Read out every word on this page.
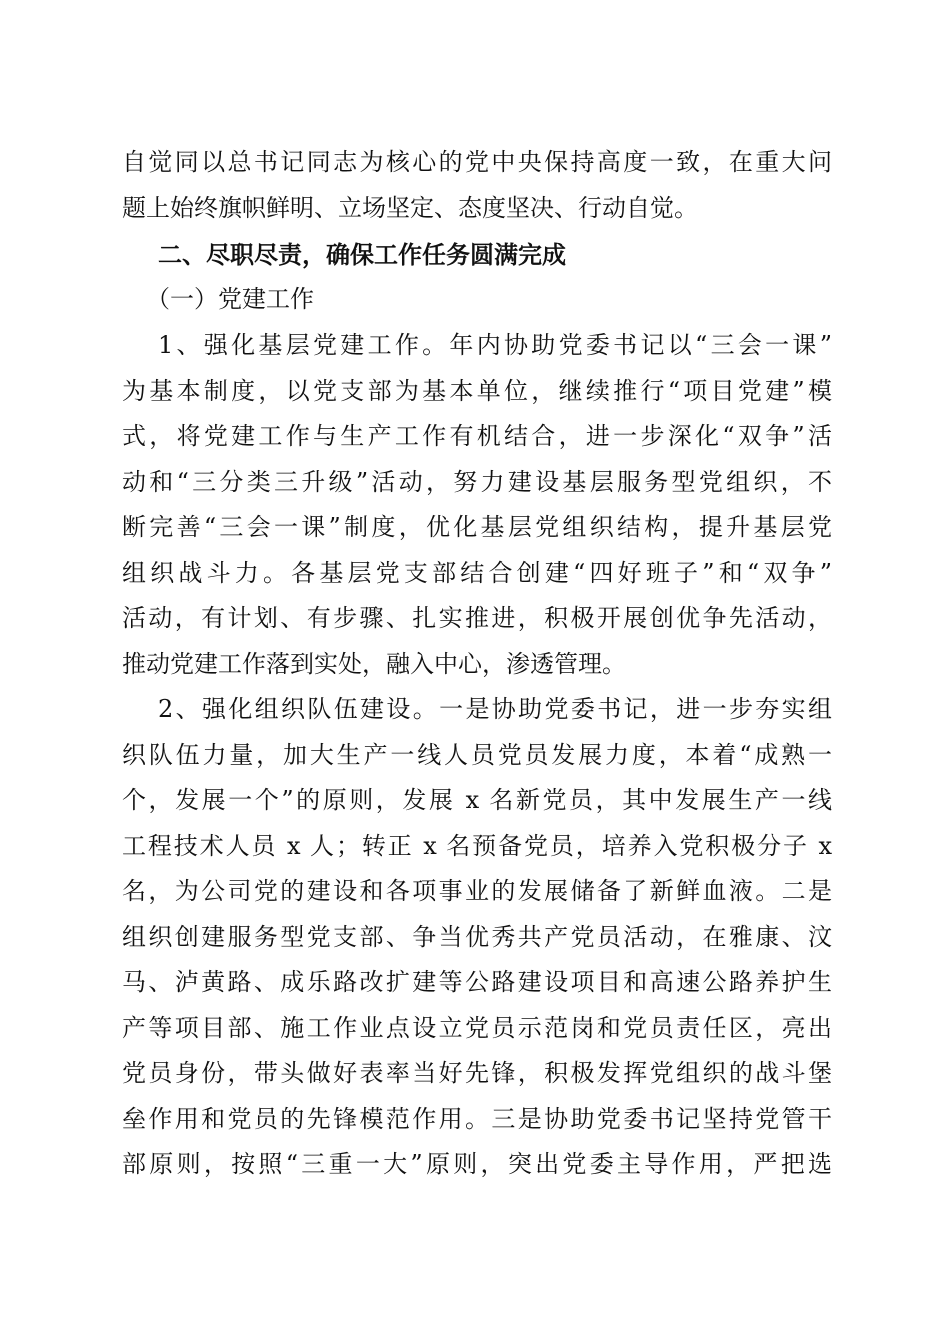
自觉同以总书记同志为核心的党中央保持高度一致，在重大问
题上始终旗帜鲜明、立场坚定、态度坚决、行动自觉。
二、尽职尽责，确保工作任务圆满完成
（一）党建工作
1、强化基层党建工作。年内协助党委书记以“三会一课”
为基本制度，以党支部为基本单位，继续推行“项目党建”模
式，将党建工作与生产工作有机结合，进一步深化“双争”活
动和“三分类三升级”活动，努力建设基层服务型党组织，不
断完善“三会一课”制度，优化基层党组织结构，提升基层党
组织战斗力。各基层党支部结合创建“四好班子”和“双争”
活动，有计划、有步骤、扎实推进，积极开展创优争先活动，
推动党建工作落到实处，融入中心，渗透管理。
2、强化组织队伍建设。一是协助党委书记，进一步夯实组
织队伍力量，加大生产一线人员党员发展力度，本着“成熟一
个，发展一个”的原则，发展 x 名新党员，其中发展生产一线
工程技术人员 x 人；转正 x 名预备党员，培养入党积极分子 x
名，为公司党的建设和各项事业的发展储备了新鲜血液。二是
组织创建服务型党支部、争当优秀共产党员活动，在雅康、汶
马、泸黄路、成乐路改扩建等公路建设项目和高速公路养护生
产等项目部、施工作业点设立党员示范岗和党员责任区，亮出
党员身份，带头做好表率当好先锋，积极发挥党组织的战斗堡
垒作用和党员的先锋模范作用。三是协助党委书记坚持党管干
部原则，按照“三重一大”原则，突出党委主导作用，严把选
